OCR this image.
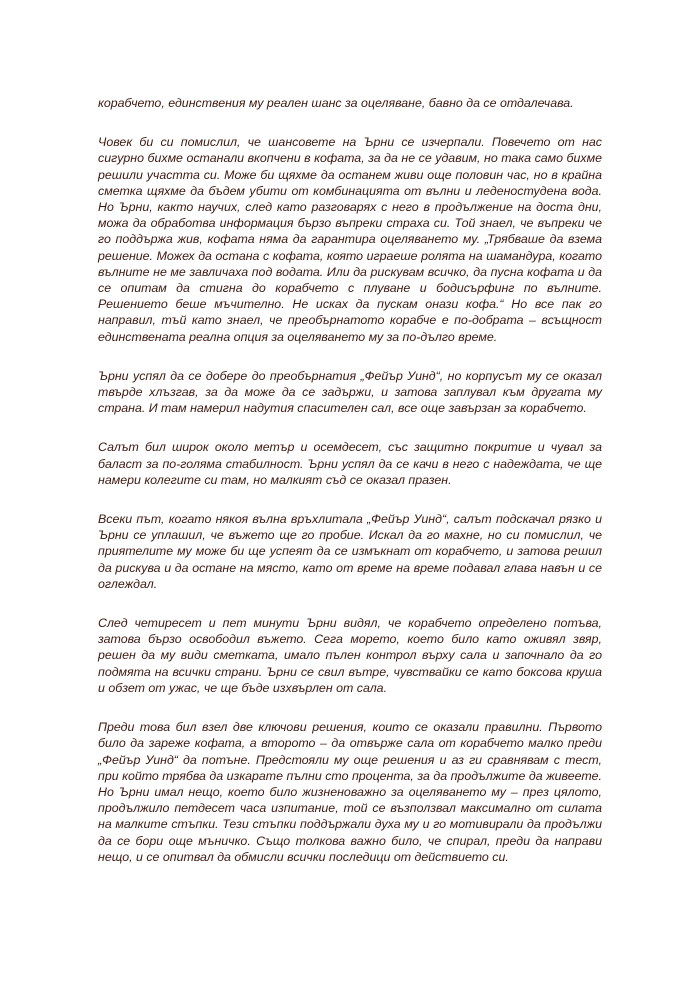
корабчето, единствения му реален шанс за оцеляване, бавно да се отдалечава.

Човек би си помислил, че шансовете на Ърни се изчерпали. Повечето от нас сигурно бихме останали вкопчени в кофата, за да не се удавим, но така само бихме решили участта си. Може би щяхме да останем живи още половин час, но в крайна сметка щяхме да бъдем убити от комбинацията от вълни и леденостудена вода. Но Ърни, както научих, след като разговарях с него в продължение на доста дни, можа да обработва информация бързо въпреки страха си. Той знаел, че въпреки че го поддържа жив, кофата няма да гарантира оцеляването му. „Трябваше да взема решение. Можех да остана с кофата, която играеше ролята на шамандура, когато вълните не ме завличаха под водата. Или да рискувам всичко, да пусна кофата и да се опитам да стигна до корабчето с плуване и бодисърфинг по вълните. Решението беше мъчително. Не исках да пускам онази кофа.“ Но все пак го направил, тъй като знаел, че преобърнатото корабче е по-добрата – всъщност единствената реална опция за оцеляването му за по-дълго време.

Ърни успял да се добере до преобърнатия „Фейър Уинд“, но корпусът му се оказал твърде хлъзгав, за да може да се задържи, и затова заплувал към другата му страна. И там намерил надутия спасителен сал, все още завързан за корабчето.

Салът бил широк около метър и осемдесет, със защитно покритие и чувал за баласт за по-голяма стабилност. Ърни успял да се качи в него с надеждата, че ще намери колегите си там, но малкият съд се оказал празен.

Всеки път, когато някоя вълна връхлитала „Фейър Уинд“, салът подскачал рязко и Ърни се уплашил, че въжето ще го пробие. Искал да го махне, но си помислил, че приятелите му може би ще успеят да се измъкнат от корабчето, и затова решил да рискува и да остане на място, като от време на време подавал глава навън и се оглеждал.

След четиресет и пет минути Ърни видял, че корабчето определено потъва, затова бързо освободил въжето. Сега морето, което било като оживял звяр, решен да му види сметката, имало пълен контрол върху сала и започнало да го подмята на всички страни. Ърни се свил вътре, чувствайки се като боксова круша и обзет от ужас, че ще бъде изхвърлен от сала.

Преди това бил взел две ключови решения, които се оказали правилни. Първото било да зареже кофата, а второто – да отвърже сала от корабчето малко преди „Фейър Уинд“ да потъне. Предстояли му още решения и аз ги сравнявам с тест, при който трябва да изкарате пълни сто процента, за да продължите да живеете. Но Ърни имал нещо, което било жизненоважно за оцеляването му – през цялото, продължило петдесет часа изпитание, той се възползвал максимално от силата на малките стъпки. Тези стъпки поддържали духа му и го мотивирали да продължи да се бори още мъничко. Също толкова важно било, че спирал, преди да направи нещо, и се опитвал да обмисли всички последици от действието си.
